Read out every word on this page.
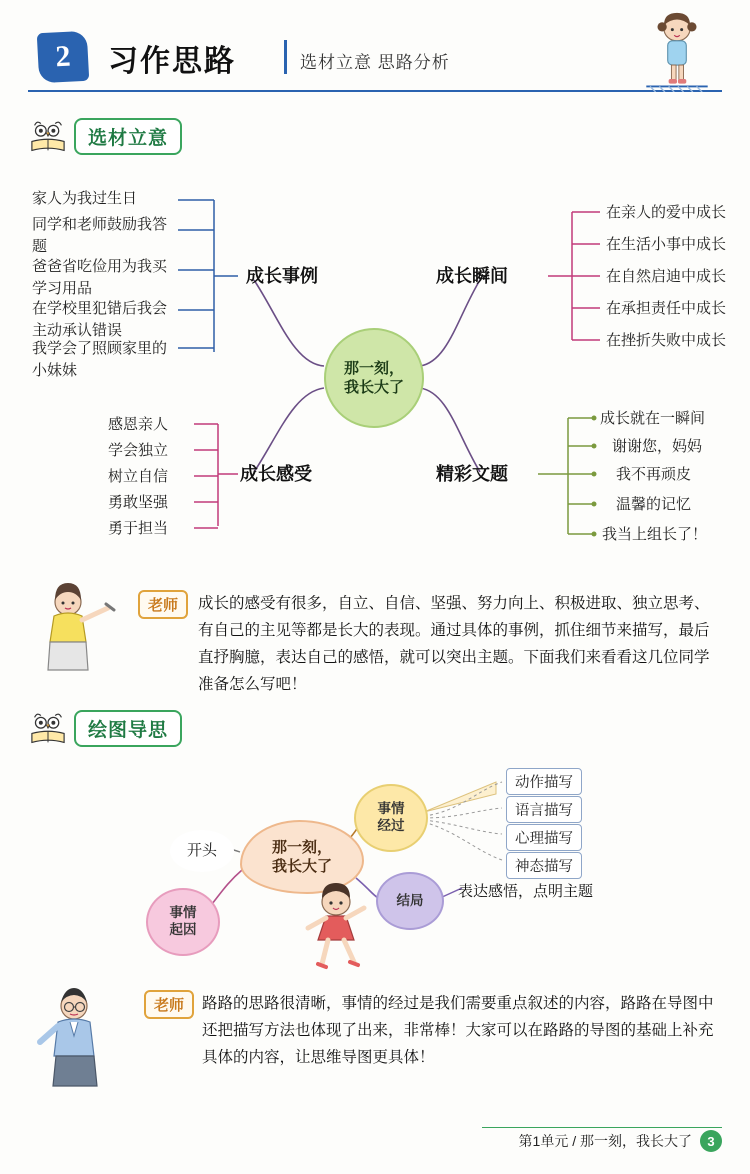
2	习作思路	选材立意 思路分析
选材立意
那一刻，
我长大了
成长事例	成长瞬间
成长感受	精彩文题
家人为我过生日
同学和老师鼓励我答题
爸爸省吃俭用为我买学习用品
在学校里犯错后我会主动承认错误
我学会了照顾家里的小妹妹
在亲人的爱中成长
在生活小事中成长
在自然启迪中成长
在承担责任中成长
在挫折失败中成长
感恩亲人
学会独立
树立自信
勇敢坚强
勇于担当
成长就在一瞬间
谢谢您，妈妈
我不再顽皮
温馨的记忆
我当上组长了！
老师	成长的感受有很多，自立、自信、坚强、努力向上、积极进取、独立思考、有自己的主见等都是长大的表现。通过具体的事例，抓住细节来描写，最后直抒胸臆，表达自己的感悟，就可以突出主题。下面我们来看看这几位同学准备怎么写吧！
绘图导思
那一刻，
我长大了
开头
事情
起因
事情
经过
结局
动作描写
语言描写
心理描写
神态描写
表达感悟，点明主题
老师	路路的思路很清晰，事情的经过是我们需要重点叙述的内容，路路在导图中还把描写方法也体现了出来，非常棒！大家可以在路路的导图的基础上补充具体的内容，让思维导图更具体！
第1单元 / 那一刻，我长大了	3
